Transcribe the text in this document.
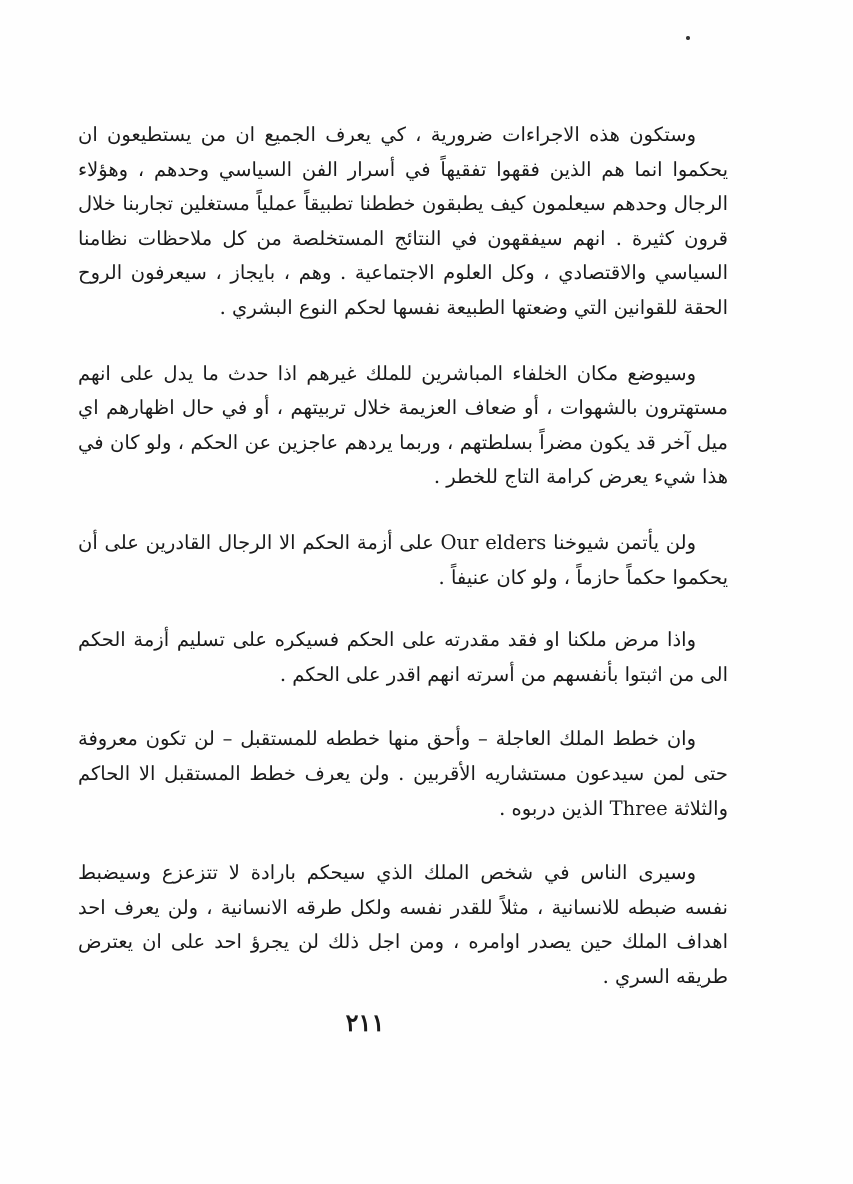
وستكون هذه الاجراءات ضرورية ، كي يعرف الجميع ان من يستطيعون ان يحكموا انما هم الذين فقهوا تفقيهاً في أسرار الفن السياسي وحدهم ، وهؤلاء الرجال وحدهم سيعلمون كيف يطبقون خططنا تطبيقاً عملياً مستغلين تجاربنا خلال قرون كثيرة . انهم سيفقهون في النتائج المستخلصة من كل ملاحظات نظامنا السياسي والاقتصادي ، وكل العلوم الاجتماعية . وهم ، بايجاز ، سيعرفون الروح الحقة للقوانين التي وضعتها الطبيعة نفسها لحكم النوع البشري .

وسيوضع مكان الخلفاء المباشرين للملك غيرهم اذا حدث ما يدل على انهم مستهترون بالشهوات ، أو ضعاف العزيمة خلال تربيتهم ، أو في حال اظهارهم اي ميل آخر قد يكون مضراً بسلطتهم ، وربما يردهم عاجزين عن الحكم ، ولو كان في هذا شيء يعرض كرامة التاج للخطر .

ولن يأتمن شيوخنا Our elders على أزمة الحكم الا الرجال القادرين على أن يحكموا حكماً حازماً ، ولو كان عنيفاً .

واذا مرض ملكنا او فقد مقدرته على الحكم فسيكره على تسليم أزمة الحكم الى من اثبتوا بأنفسهم من أسرته انهم اقدر على الحكم .

وان خطط الملك العاجلة – وأحق منها خططه للمستقبل – لن تكون معروفة حتى لمن سيدعون مستشاريه الأقربين . ولن يعرف خطط المستقبل الا الحاكم والثلاثة Three الذين دربوه .

وسيرى الناس في شخص الملك الذي سيحكم بارادة لا تتزعزع وسيضبط نفسه ضبطه للانسانية ، مثلاً للقدر نفسه ولكل طرقه الانسانية ، ولن يعرف احد اهداف الملك حين يصدر اوامره ، ومن اجل ذلك لن يجرؤ احد على ان يعترض طريقه السري .

٢١١
